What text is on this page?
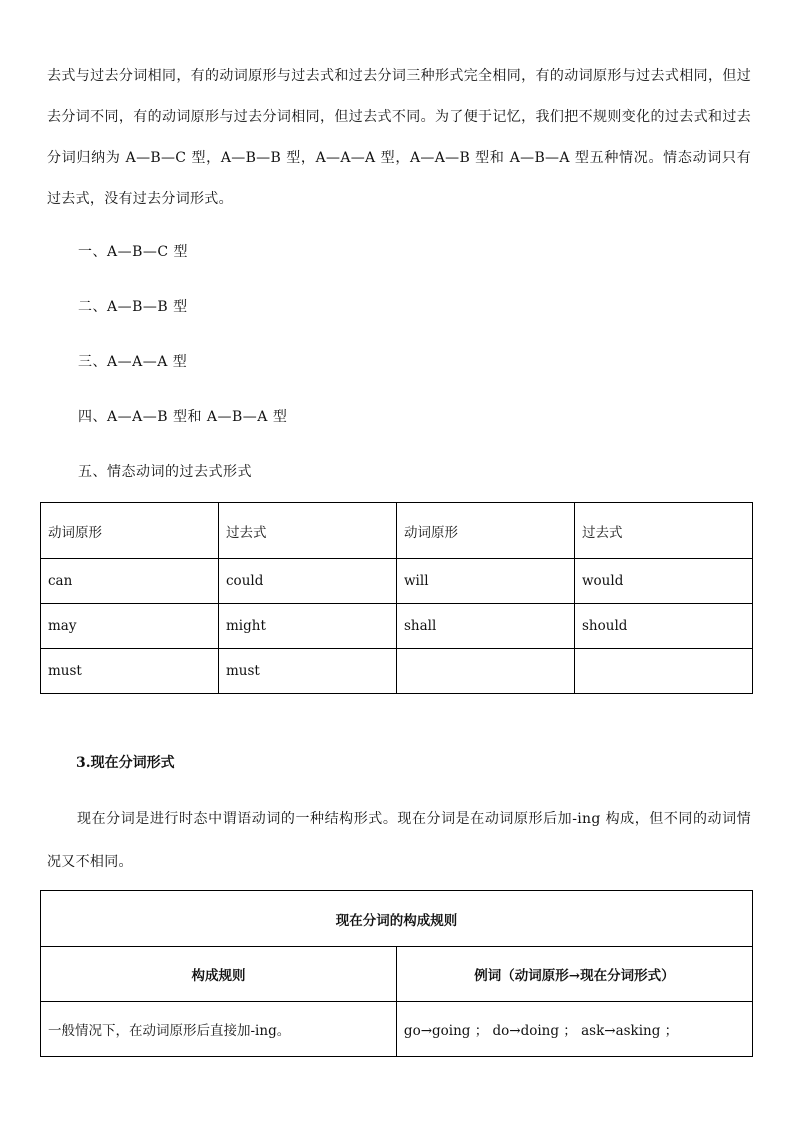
去式与过去分词相同，有的动词原形与过去式和过去分词三种形式完全相同，有的动词原形与过去式相同，但过去分词不同，有的动词原形与过去分词相同，但过去式不同。为了便于记忆，我们把不规则变化的过去式和过去分词归纳为 A—B—C 型，A—B—B 型，A—A—A 型，A—A—B 型和 A—B—A 型五种情况。情态动词只有过去式，没有过去分词形式。

一、A—B—C 型

二、A—B—B 型

三、A—A—A 型

四、A—A—B 型和 A—B—A 型

五、情态动词的过去式形式

动词原形	过去式	动词原形	过去式
can	could	will	would
may	might	shall	should
must	must		

3.现在分词形式

现在分词是进行时态中谓语动词的一种结构形式。现在分词是在动词原形后加-ing 构成，但不同的动词情况又不相同。

现在分词的构成规则	
构成规则	例词（动词原形→现在分词形式）
一般情况下，在动词原形后直接加-ing。	go→going ； do→doing ； ask→asking ；
